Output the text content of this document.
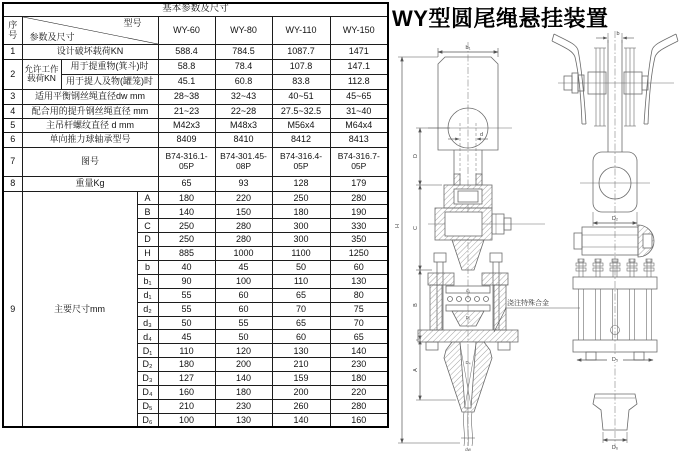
基本参数及尺寸							
序号	型号
参数及尺寸			WY-60	WY-80	WY-110	WY-150
1	设计破坏载荷KN			588.4	784.5	1087.7	1471
2	允许工作载荷KN	用于提重物(箕斗)时		58.8	78.4	107.8	147.1
		用于提人及物(罐笼)时		45.1	60.8	83.8	112.8
3	适用平衡钢丝绳直径dw mm			28~38	32~43	40~51	45~65
4	配合用的提升钢丝绳直径 mm			21~23	22~28	27.5~32.5	31~40
5	主吊杆螺纹直径 d mm			M42x3	M48x3	M56x4	M64x4
6	单向推力球轴承型号			8409	8410	8412	8413
7	图号			B74-316.1-05P	B74-301.45-08P	B74-316.4-05P	B74-316.7-05P
8	重量Kg			65	93	128	179
9	主要尺寸mm		A	180	220	250	280
			B	140	150	180	190
			C	250	280	300	330
			D	250	280	300	350
			H	885	1000	1100	1250
			b	40	45	50	60
			b₁	90	100	110	130
			d₁	55	60	65	80
			d₂	55	60	70	75
			d₃	50	55	65	70
			d₄	45	50	60	65
			D₁	110	120	130	140
			D₂	180	200	210	230
			D₃	127	140	159	180
			D₄	160	180	200	220
			D₅	210	230	260	280
			D₆	100	130	140	160
WY型圆尾绳悬挂装置
b₁
d
H
D
C
B
A
d₁
D₁
D₄
dw
浇注特殊合金
b
D₂
D₅
D₆
